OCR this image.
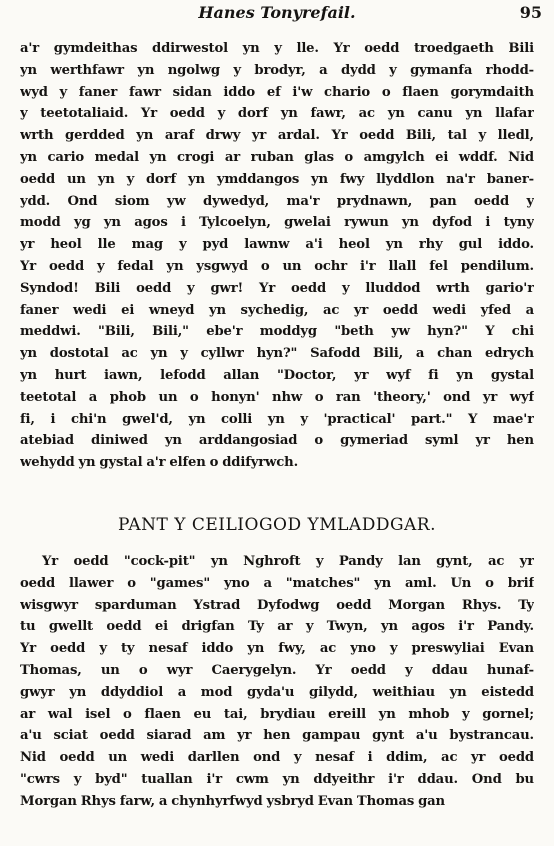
Hanes Tonyrefail.	95
a'r gymdeithas ddirwestol yn y lle. Yr oedd troedgaeth Bili
yn werthfawr yn ngolwg y brodyr, a dydd y gymanfa rhodd-
wyd y faner fawr sidan iddo ef i'w chario o flaen gorymdaith
y teetotaliaid. Yr oedd y dorf yn fawr, ac yn canu yn llafar
wrth gerdded yn araf drwy yr ardal. Yr oedd Bili, tal y lledl,
yn cario medal yn crogi ar ruban glas o amgylch ei wddf. Nid
oedd un yn y dorf yn ymddangos yn fwy llyddlon na'r baner-
ydd. Ond siom yw dywedyd, ma'r prydnawn, pan oedd y
modd yg yn agos i Tylcoelyn, gwelai rywun yn dyfod i tyny
yr heol lle mag y pyd lawnw a'i heol yn rhy gul iddo.
Yr oedd y fedal yn ysgwyd o un ochr i'r llall fel pendilum.
Syndod! Bili oedd y gwr! Yr oedd y lluddod wrth gario'r
faner wedi ei wneyd yn sychedig, ac yr oedd wedi yfed a
meddwi. "Bili, Bili," ebe'r moddyg "beth yw hyn?" Y chi
yn dostotal ac yn y cyllwr hyn?" Safodd Bili, a chan edrych
yn hurt iawn, lefodd allan "Doctor, yr wyf fi yn gystal
teetotal a phob un o honyn' nhw o ran 'theory,' ond yr wyf
fi, i chi'n gwel'd, yn colli yn y 'practical' part." Y mae'r
atebiad diniwed yn arddangosiad o gymeriad syml yr hen
wehydd yn gystal a'r elfen o ddifyrwch.
PANT Y CEILIOGOD YMLADDGAR.
Yr oedd "cock-pit" yn Nghroft y Pandy lan gynt, ac yr
oedd llawer o "games" yno a "matches" yn aml. Un o brif
wisgwyr sparduman Ystrad Dyfodwg oedd Morgan Rhys. Ty
tu gwellt oedd ei drigfan Ty ar y Twyn, yn agos i'r Pandy.
Yr oedd y ty nesaf iddo yn fwy, ac yno y preswyliai Evan
Thomas, un o wyr Caerygelyn. Yr oedd y ddau hunaf-
gwyr yn ddyddiol a mod gyda'u gilydd, weithiau yn eistedd
ar wal isel o flaen eu tai, brydiau ereill yn mhob y gornel;
a'u sciat oedd siarad am yr hen gampau gynt a'u bystrancau.
Nid oedd un wedi darllen ond y nesaf i ddim, ac yr oedd
"cwrs y byd" tuallan i'r cwm yn ddyeithr i'r ddau. Ond bu
Morgan Rhys farw, a chynhyrfwyd ysbryd Evan Thomas gan
